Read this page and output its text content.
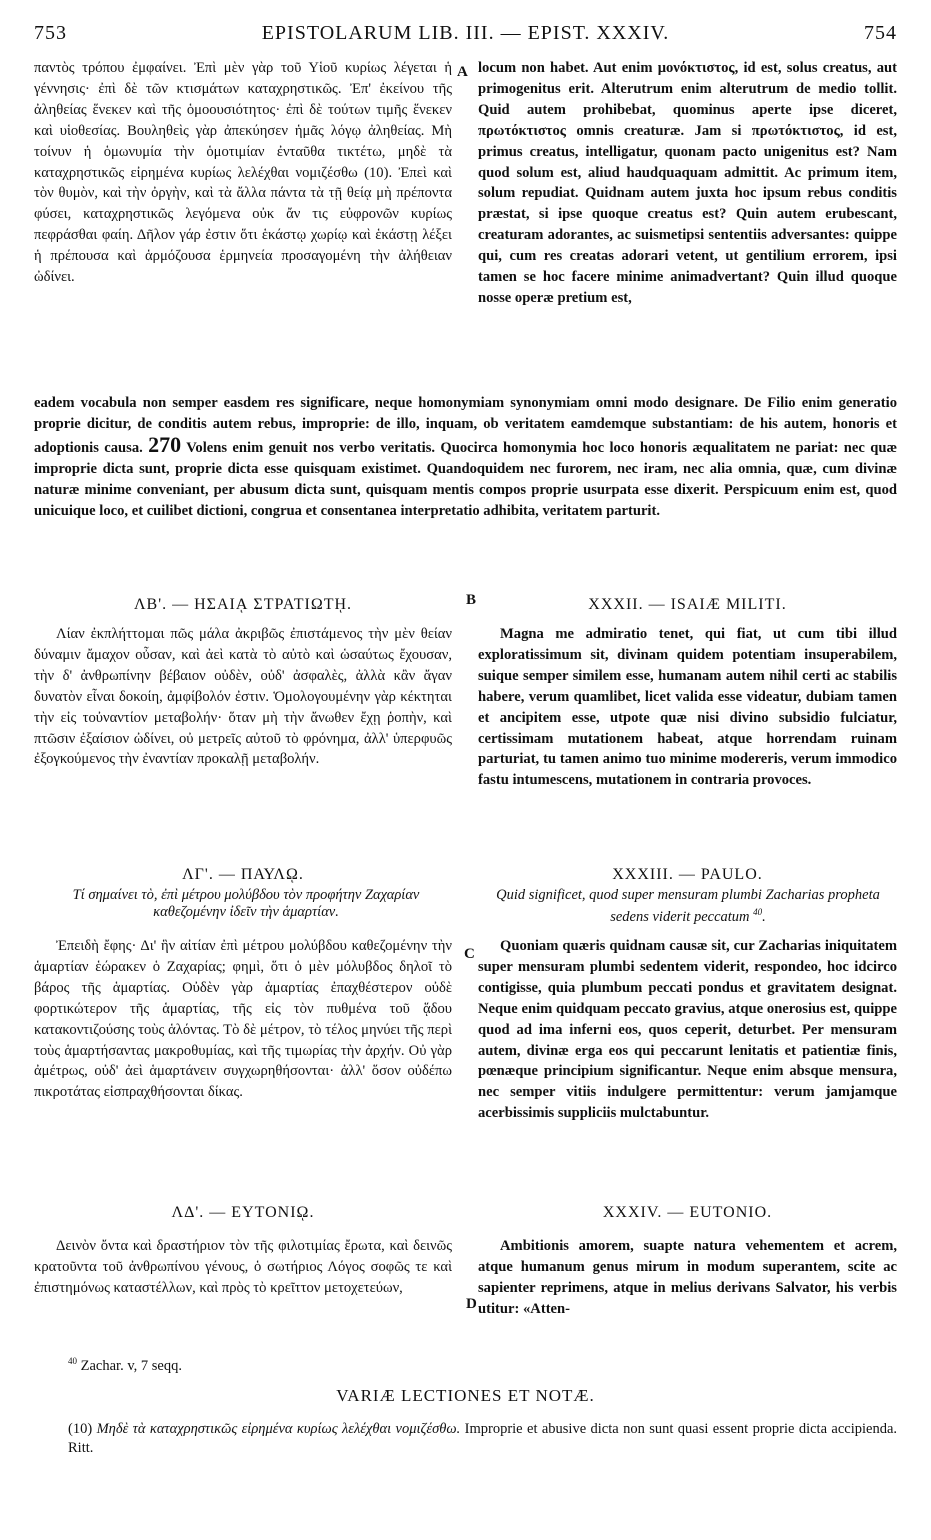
753	EPISTOLARUM LIB. III. — EPIST. XXXIV.	754

παντὸς τρόπου ἐμφαίνει. Ἐπὶ μὲν γὰρ τοῦ Υἱοῦ κυρίως λέγεται ἡ γέννησις· ἐπὶ δὲ τῶν κτισμάτων καταχρηστικῶς. Ἐπ' ἐκείνου τῆς ἀληθείας ἕνεκεν καὶ τῆς ὁμοουσιότητος· ἐπὶ δὲ τούτων τιμῆς ἕνεκεν καὶ υἱοθεσίας. Βουληθεὶς γὰρ ἀπεκύησεν ἡμᾶς λόγῳ ἀληθείας. Μὴ τοίνυν ἡ ὁμωνυμία τὴν ὁμοτιμίαν ἐνταῦθα τικτέτω, μηδὲ τὰ καταχρηστικῶς εἰρημένα κυρίως λελέχθαι νομιζέσθω (10). Ἐπεὶ καὶ τὸν θυμὸν, καὶ τὴν ὀργὴν, καὶ τὰ ἄλλα πάντα τὰ τῇ θείᾳ μὴ πρέποντα φύσει, καταχρηστικῶς λεγόμενα οὐκ ἄν τις εὐφρονῶν κυρίως πεφράσθαι φαίη. Δῆλον γάρ ἐστιν ὅτι ἑκάστῳ χωρίῳ καὶ ἑκάστῃ λέξει ἡ πρέπουσα καὶ ἁρμόζουσα ἑρμηνεία προσαγομένη τὴν ἀλήθειαν ὠδίνει.

A locum non habet. Aut enim μονόκτιστος, id est, solus creatus, aut primogenitus erit. Alterutrum enim alterutrum de medio tollit. Quid autem prohibebat, quominus aperte ipse diceret, πρωτόκτιστος omnis creaturæ. Jam si πρωτόκτιστος, id est, primus creatus, intelligatur, quonam pacto unigenitus est? Nam quod solum est, aliud haudquaquam admittit. Ac primum item, solum repudiat. Quidnam autem juxta hoc ipsum rebus conditis præstat, si ipse quoque creatus est? Quin autem erubescant, creaturam adorantes, ac suismetipsi sententiis adversantes: quippe qui, cum res creatas adorari vetent, ut gentilium errorem, ipsi tamen se hoc facere minime animadvertant? Quin illud quoque nosse operæ pretium est,

eadem vocabula non semper easdem res significare, neque homonymiam synonymiam omni modo designare. De Filio enim generatio proprie dicitur, de conditis autem rebus, improprie: de illo, inquam, ob veritatem eamdemque substantiam: de his autem, honoris et adoptionis causa. 270 Volens enim genuit nos verbo veritatis. Quocirca homonymia hoc loco honoris æqualitatem ne pariat: nec quæ improprie dicta sunt, proprie dicta esse quisquam existimet. Quandoquidem nec furorem, nec iram, nec alia omnia, quæ, cum divinæ naturæ minime conveniant, per abusum dicta sunt, quisquam mentis compos proprie usurpata esse dixerit. Perspicuum enim est, quod unicuique loco, et cuilibet dictioni, congrua et consentanea interpretatio adhibita, veritatem parturit.

ΛΒ'. — ΗΣΑΙᾼ ΣΤΡΑΤΙΩΤῌ.	B	XXXII. — ISAIÆ MILITI.

Λίαν ἐκπλήττομαι πῶς μάλα ἀκριβῶς ἐπιστάμενος τὴν μὲν θείαν δύναμιν ἄμαχον οὖσαν, καὶ ἀεὶ κατὰ τὸ αὐτὸ καὶ ὡσαύτως ἔχουσαν, τὴν δ' ἀνθρωπίνην βέβαιον οὐδὲν, οὐδ' ἀσφαλὲς, ἀλλὰ κἂν ἄγαν δυνατὸν εἶναι δοκοίη, ἀμφίβολόν ἐστιν. Ὁμολογουμένην γὰρ κέκτηται τὴν εἰς τοὐναντίον μεταβολήν· ὅταν μὴ τὴν ἄνωθεν ἔχῃ ῥοπὴν, καὶ πτῶσιν ἐξαίσιον ὠδίνει, οὐ μετρεῖς αὐτοῦ τὸ φρόνημα, ἀλλ' ὑπερφυῶς ἐξογκούμενος τὴν ἐναντίαν προκαλῇ μεταβολήν.

Magna me admiratio tenet, qui fiat, ut cum tibi illud exploratissimum sit, divinam quidem potentiam insuperabilem, suique semper similem esse, humanam autem nihil certi ac stabilis habere, verum quamlibet, licet valida esse videatur, dubiam tamen et ancipitem esse, utpote quæ nisi divino subsidio fulciatur, certissimam mutationem habeat, atque horrendam ruinam parturiat, tu tamen animo tuo minime modereris, verum immodico fastu intumescens, mutationem in contraria provoces.

ΛΓ'. — ΠΑΥΛῼ.	XXXIII. — PAULO.
Τί σημαίνει τὸ, ἐπὶ μέτρου μολύβδου τὸν προφήτην Ζαχαρίαν καθεζομένην ἰδεῖν τὴν ἁμαρτίαν.
Quid significet, quod super mensuram plumbi Zacharias propheta sedens viderit peccatum $^{40}$.

Ἐπειδὴ ἔφης· Δι' ἣν αἰτίαν ἐπὶ μέτρου μολύβδου καθεζομένην τὴν ἁμαρτίαν ἑώρακεν ὁ Ζαχαρίας; φημὶ, ὅτι ὁ μὲν μόλυβδος δηλοῖ τὸ βάρος τῆς ἁμαρτίας. Οὐδὲν γὰρ ἁμαρτίας ἐπαχθέστερον οὐδὲ φορτικώτερον τῆς ἁμαρτίας, τῆς εἰς τὸν πυθμένα τοῦ ᾅδου κατακοντιζούσης τοὺς ἁλόντας. Τὸ δὲ μέτρον, τὸ τέλος μηνύει τῆς περὶ τοὺς ἁμαρτήσαντας μακροθυμίας, καὶ τῆς τιμωρίας τὴν ἀρχήν. Οὐ γὰρ ἀμέτρως, οὐδ' ἀεὶ ἁμαρτάνειν συγχωρηθήσονται· ἀλλ' ὅσον οὐδέπω πικροτάτας εἰσπραχθήσονται δίκας.

C	Quoniam quæris quidnam causæ sit, cur Zacharias iniquitatem super mensuram plumbi sedentem viderit, respondeo, hoc idcirco contigisse, quia plumbum peccati pondus et gravitatem designat. Neque enim quidquam peccato gravius, atque onerosius est, quippe quod ad ima inferni eos, quos ceperit, deturbet. Per mensuram autem, divinæ erga eos qui peccarunt lenitatis et patientiæ finis, pœnæque principium significantur. Neque enim absque mensura, nec semper vitiis indulgere permittentur: verum jamjamque acerbissimis suppliciis mulctabuntur.

ΛΔ'. — ΕΥΤΟΝΙῼ.	XXXIV. — EUTONIO.

Δεινὸν ὄντα καὶ δραστήριον τὸν τῆς φιλοτιμίας ἔρωτα, καὶ δεινῶς κρατοῦντα τοῦ ἀνθρωπίνου γένους, ὁ σωτήριος Λόγος σοφῶς τε καὶ ἐπιστημόνως καταστέλλων, καὶ πρὸς τὸ κρεῖττον μετοχετεύων,

D

Ambitionis amorem, suapte natura vehementem et acrem, atque humanum genus mirum in modum superantem, scite ac sapienter reprimens, atque in melius derivans Salvator, his verbis utitur: «Atten-

$^{40}$ Zachar. v, 7 seqq.
VARIÆ LECTIONES ET NOTÆ.
(10) Μηδὲ τὰ καταχρηστικῶς εἰρημένα κυρίως λελέχθαι νομιζέσθω. Improprie et abusive dicta non sunt quasi essent proprie dicta accipienda. Ritt.
